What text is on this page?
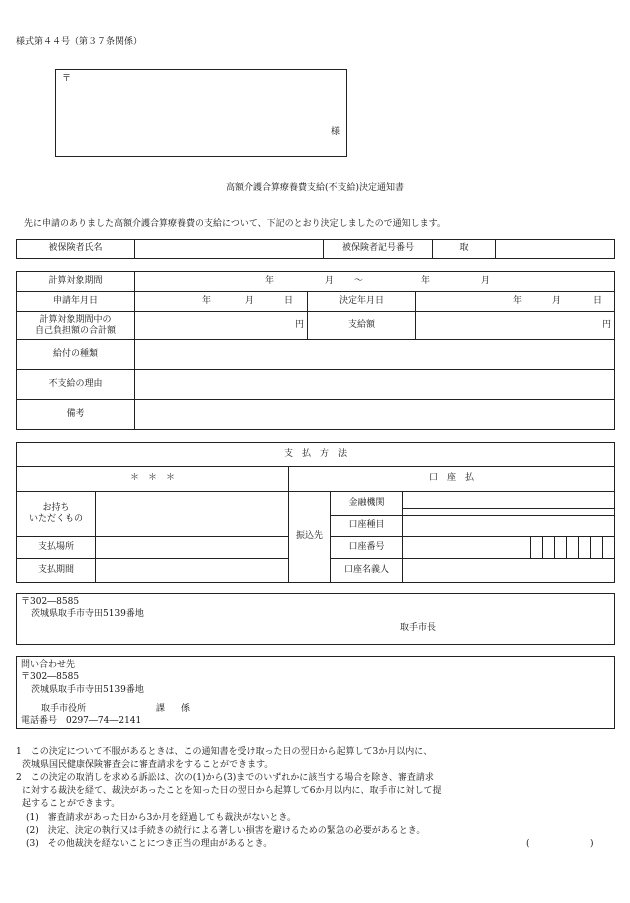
様式第４４号（第３７条関係）
〒
様
高額介護合算療養費支給(不支給)決定通知書
先に申請のありました高額介護合算療養費の支給について、下記のとおり決定しましたので通知します。
被保険者氏名		被保険者記号番号	取	
計算対象期間	年 月 ～ 年 月		

申請年月日	年 月 日	決定年月日	年 月 日

計算対象期間中の
自己負担額の合計額	円	支給額	円
給付の種類			
不支給の理由			
備考			
支　払　方　法				
＊　＊　＊		口　座　払		

お持ち
いただくもの		振込先	金融機関	

			口座種目	
支払場所			口座番号	

支払期間			口座名義人	
〒302―8585
茨城県取手市寺田5139番地
取手市長
問い合わせ先
〒302―8585
茨城県取手市寺田5139番地
取手市役所	課 係
電話番号　0297―74―2141
1　この決定について不服があるときは、この通知書を受け取った日の翌日から起算して3か月以内に、
茨城県国民健康保険審査会に審査請求をすることができます。
2　この決定の取消しを求める訴訟は、次の(1)から(3)までのいずれかに該当する場合を除き、審査請求
に対する裁決を経て、裁決があったことを知った日の翌日から起算して6か月以内に、取手市に対して提
起することができます。
(1)　審査請求があった日から3か月を経過しても裁決がないとき。
(2)　決定、決定の執行又は手続きの続行による著しい損害を避けるための緊急の必要があるとき。
(3)　その他裁決を経ないことにつき正当の理由があるとき。	(	)
